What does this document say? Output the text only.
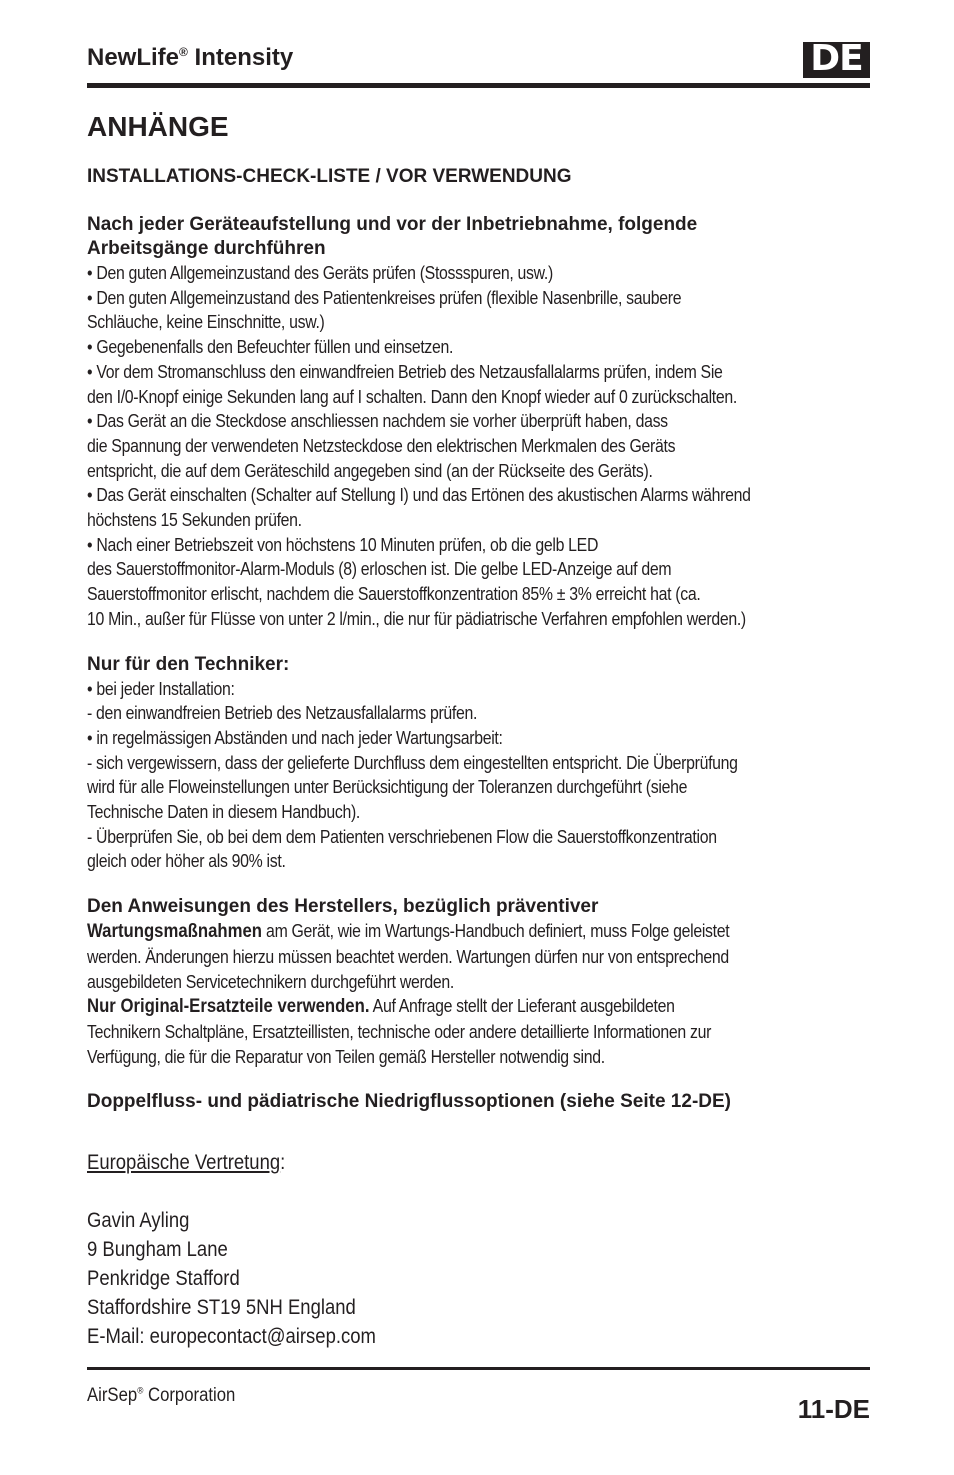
NewLife® Intensity	DE
ANHÄNGE
INSTALLATIONS-CHECK-LISTE / VOR VERWENDUNG

Nach jeder Geräteaufstellung und vor der Inbetriebnahme, folgende

Arbeitsgänge durchführen

• Den guten Allgemeinzustand des Geräts prüfen (Stossspuren, usw.)

• Den guten Allgemeinzustand des Patientenkreises prüfen (flexible Nasenbrille, saubere

Schläuche, keine Einschnitte, usw.)

• Gegebenenfalls den Befeuchter füllen und einsetzen.

• Vor dem Stromanschluss den einwandfreien Betrieb des Netzausfallalarms prüfen, indem Sie

den I/0-Knopf einige Sekunden lang auf I schalten. Dann den Knopf wieder auf 0 zurückschalten.

• Das Gerät an die Steckdose anschliessen nachdem sie vorher überprüft haben, dass

die Spannung der verwendeten Netzsteckdose den elektrischen Merkmalen des Geräts

entspricht, die auf dem Geräteschild angegeben sind (an der Rückseite des Geräts).

• Das Gerät einschalten (Schalter auf Stellung I) und das Ertönen des akustischen Alarms während

höchstens 15 Sekunden prüfen.

• Nach einer Betriebszeit von höchstens 10 Minuten prüfen, ob die gelb LED

des Sauerstoffmonitor-Alarm-Moduls (8) erloschen ist. Die gelbe LED-Anzeige auf dem

Sauerstoffmonitor erlischt, nachdem die Sauerstoffkonzentration 85% ± 3% erreicht hat (ca.

10 Min., außer für Flüsse von unter 2 l/min., die nur für pädiatrische Verfahren empfohlen werden.)

Nur für den Techniker:

• bei jeder Installation:

- den einwandfreien Betrieb des Netzausfallalarms prüfen.

• in regelmässigen Abständen und nach jeder Wartungsarbeit:

- sich vergewissern, dass der gelieferte Durchfluss dem eingestellten entspricht. Die Überprüfung

wird für alle Floweinstellungen unter Berücksichtigung der Toleranzen durchgeführt (siehe

Technische Daten in diesem Handbuch).

- Überprüfen Sie, ob bei dem dem Patienten verschriebenen Flow die Sauerstoffkonzentration

gleich oder höher als 90% ist.

Den Anweisungen des Herstellers, bezüglich präventiver

Wartungsmaßnahmen am Gerät, wie im Wartungs-Handbuch definiert, muss Folge geleistet

werden. Änderungen hierzu müssen beachtet werden. Wartungen dürfen nur von entsprechend

ausgebildeten Servicetechnikern durchgeführt werden.

Nur Original-Ersatzteile verwenden. Auf Anfrage stellt der Lieferant ausgebildeten

Technikern Schaltpläne, Ersatzteillisten, technische oder andere detaillierte Informationen zur

Verfügung, die für die Reparatur von Teilen gemäß Hersteller notwendig sind.

Doppelfluss- und pädiatrische Niedrigflussoptionen (siehe Seite 12-DE)

Europäische Vertretung:

Gavin Ayling

9 Bungham Lane

Penkridge Stafford

Staffordshire ST19 5NH England

E-Mail: europecontact@airsep.com

AirSep® Corporation	11-DE
